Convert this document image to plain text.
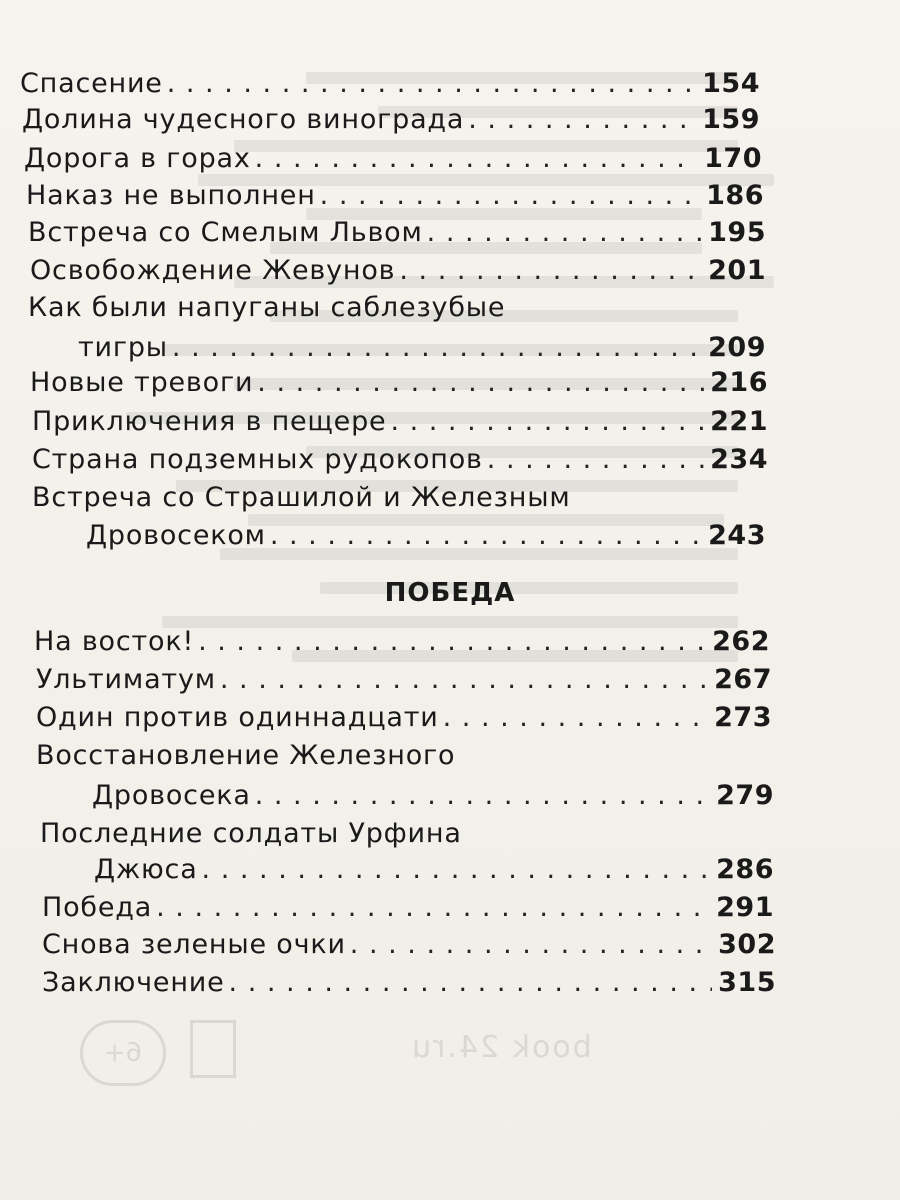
Спасение . . .	154
Долина чудесного винограда . . .	159
Дорога в горах . . .	170
Наказ не выполнен . . .	186
Встреча со Смелым Львом . . .	195
Освобождение Жевунов . . .	201
Как были напуганы саблезубые
тигры . . .	209
Новые тревоги . . .	216
Приключения в пещере . . .	221
Страна подземных рудокопов . . .	234
Встреча со Страшилой и Железным
Дровосеком . . .	243
ПОБЕДА
На восток! . . .	262
Ультиматум . . .	267
Один против одиннадцати . . .	273
Восстановление Железного
Дровосека . . .	279
Последние солдаты Урфина
Джюса . . .	286
Победа . . .	291
Снова зеленые очки . . .	302
Заключение . . .	315
6+	book 24.ru
